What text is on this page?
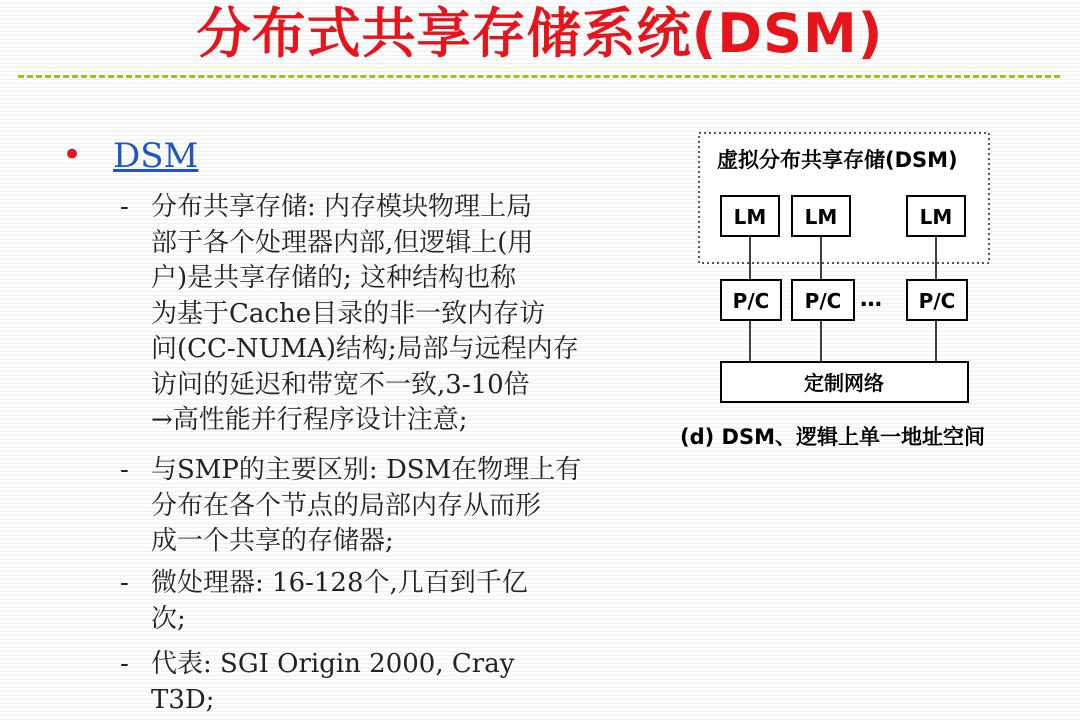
分布式共享存储系统(DSM)
• DSM
- 分布共享存储: 内存模块物理上局
部于各个处理器内部,但逻辑上(用
户)是共享存储的; 这种结构也称
为基于Cache目录的非一致内存访
问(CC-NUMA)结构;局部与远程内存
访问的延迟和带宽不一致,3-10倍
→高性能并行程序设计注意;
- 与SMP的主要区别: DSM在物理上有
分布在各个节点的局部内存从而形
成一个共享的存储器;
- 微处理器: 16-128个,几百到千亿
次;
- 代表: SGI Origin 2000, Cray
T3D;
虚拟分布共享存储(DSM)
LM LM	LM
P/C P/C … P/C
定制网络
(d) DSM、逻辑上单一地址空间
